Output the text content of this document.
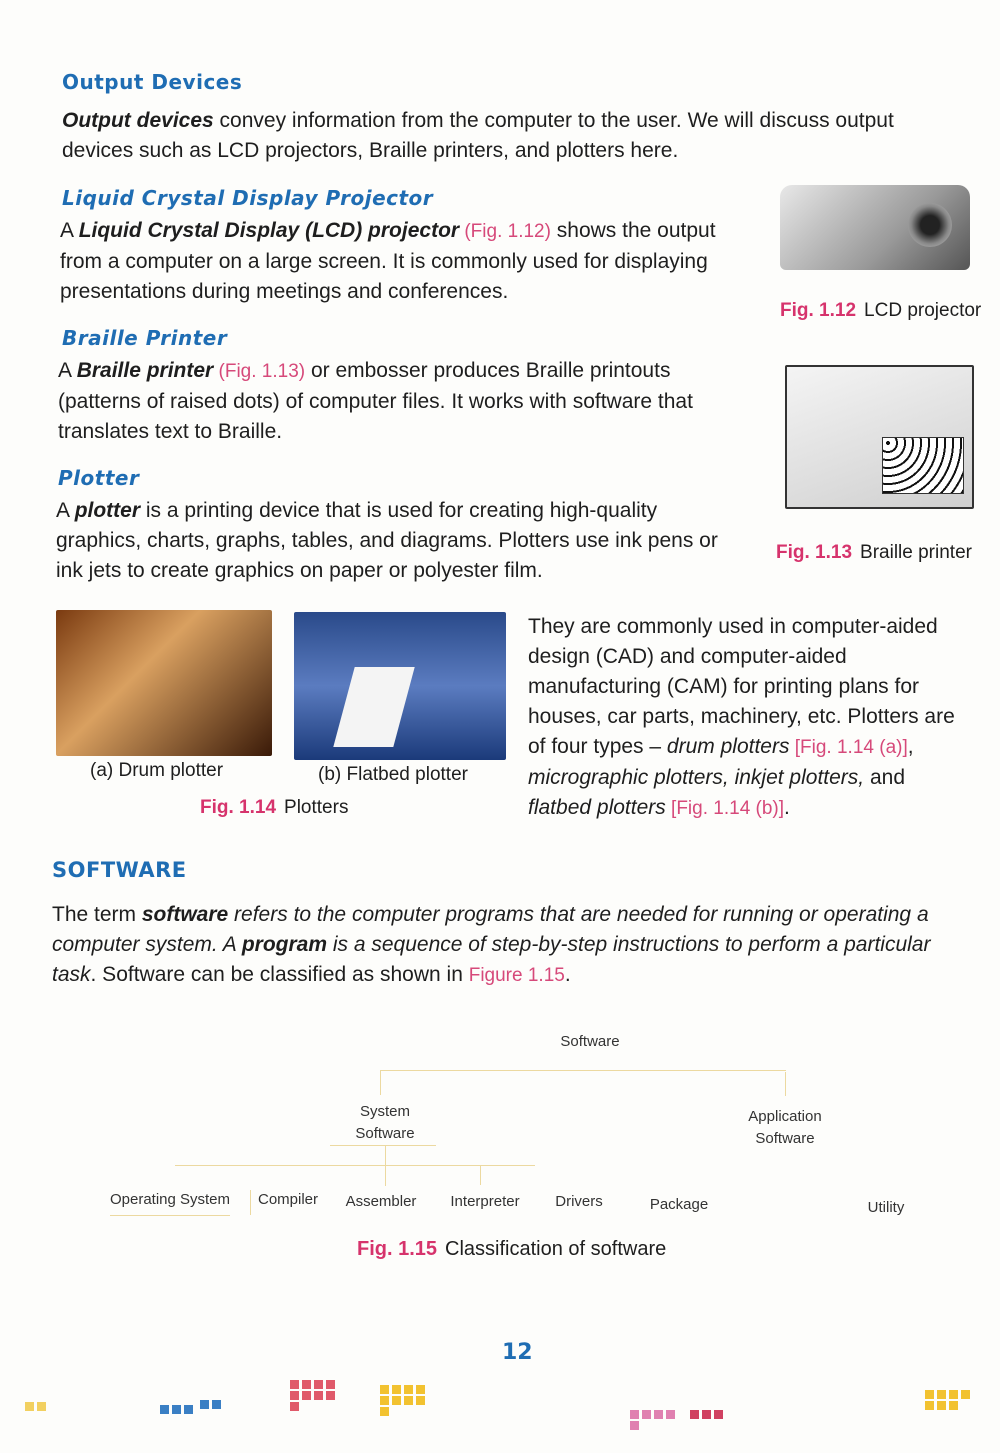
Output Devices
Output devices convey information from the computer to the user. We will discuss output devices such as LCD projectors, Braille printers, and plotters here.
Liquid Crystal Display Projector
A Liquid Crystal Display (LCD) projector (Fig. 1.12) shows the output from a computer on a large screen. It is commonly used for displaying presentations during meetings and conferences.
Fig. 1.12 LCD projector
Braille Printer
A Braille printer (Fig. 1.13) or embosser produces Braille printouts (patterns of raised dots) of computer files. It works with software that translates text to Braille.
Fig. 1.13 Braille printer
Plotter
A plotter is a printing device that is used for creating high-quality graphics, charts, graphs, tables, and diagrams. Plotters use ink pens or ink jets to create graphics on paper or polyester film.
(a) Drum plotter	(b) Flatbed plotter
Fig. 1.14 Plotters
They are commonly used in computer-aided design (CAD) and computer-aided manufacturing (CAM) for printing plans for houses, car parts, machinery, etc. Plotters are of four types – drum plotters [Fig. 1.14 (a)], micrographic plotters, inkjet plotters, and flatbed plotters [Fig. 1.14 (b)].
SOFTWARE
The term software refers to the computer programs that are needed for running or operating a computer system. A program is a sequence of step-by-step instructions to perform a particular task. Software can be classified as shown in Figure 1.15.
Software
System Software
Application Software
Operating System	Compiler	Assembler	Interpreter	Drivers	Package	Utility
Fig. 1.15 Classification of software
12
